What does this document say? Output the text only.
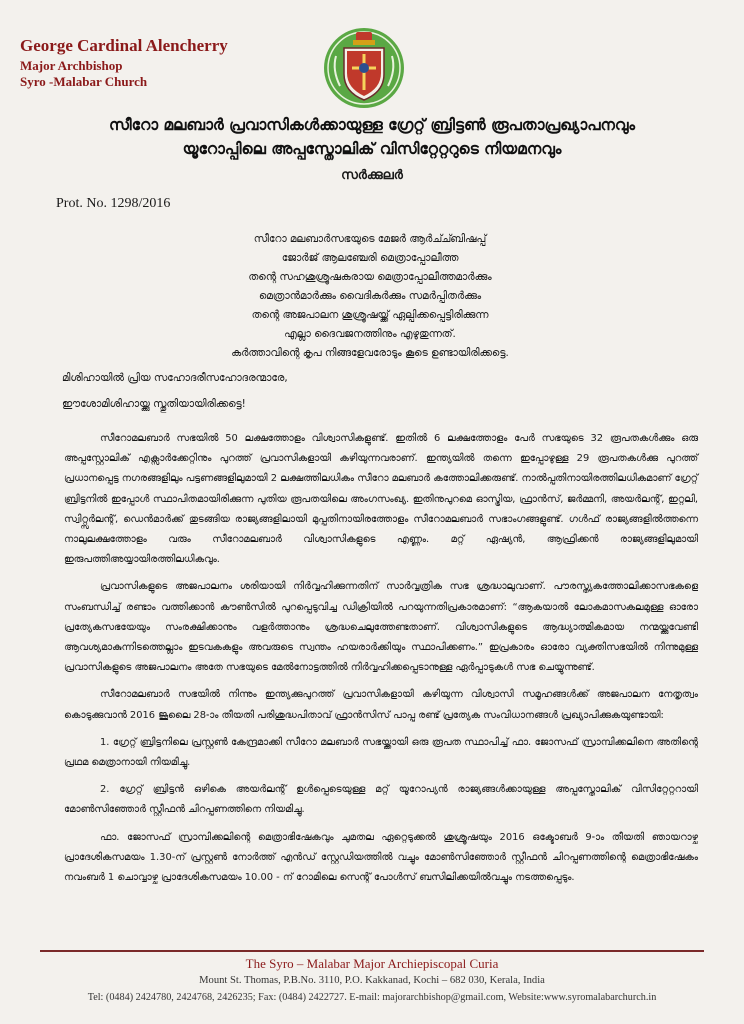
George Cardinal Alencherry
Major Archbishop
Syro -Malabar Church
സീറോ മലബാർ പ്രവാസികൾക്കായുള്ള ഗ്രേറ്റ് ബ്രിട്ടൺ രൂപതാപ്രഖ്യാപനവും
യൂറോപ്പിലെ അപ്പസ്തോലിക് വിസിറ്റേറ്ററുടെ നിയമനവും
സർക്കുലർ
Prot. No. 1298/2016
സീറോ മലബാർസഭയുടെ മേജർ ആർച്ച്ബിഷപ്പ്
ജോർജ് ആലഞ്ചേരി മെത്രാപ്പോലീത്ത
തന്റെ സഹശുശ്രൂഷകരായ മെത്രാപ്പോലീത്തമാർക്കും
മെത്രാൻമാർക്കും വൈദികർക്കും സമർപ്പിതർക്കും
തന്റെ അജപാലന ശുശ്രൂഷയ്ക്ക് ഏല്പിക്കപ്പെട്ടിരിക്കുന്ന
എല്ലാ ദൈവജനത്തിനും എഴുതുന്നത്.
കർത്താവിന്റെ കൃപ നിങ്ങളേവരോടും കൂടെ ഉണ്ടായിരിക്കട്ടെ.
മിശിഹായിൽ പ്രിയ സഹോദരീസഹോദരന്മാരേ,
ഈശോമിശിഹായ്ക്കു സ്തുതിയായിരിക്കട്ടെ!

സീറോമലബാർ സഭയിൽ 50 ലക്ഷത്തോളം വിശ്വാസികളുണ്ട്. ഇതിൽ 6 ലക്ഷത്തോളം പേർ സഭയുടെ 32 രൂപതകൾക്കും ഒരു അപ്പസ്റ്റോലിക് എക്സാർക്കേറ്റിനും പുറത്ത് പ്രവാസികളായി കഴിയുന്നവരാണ്. ഇന്ത്യയിൽ തന്നെ ഇപ്പോഴുള്ള 29 രൂപതകൾക്കു പുറത്ത് പ്രധാനപ്പെട്ട നഗരങ്ങളിലും പട്ടണങ്ങളിലുമായി 2 ലക്ഷത്തിലധികം സീറോ മലബാർ കത്തോലിക്കരുണ്ട്. നാൽപ്പതിനായിരത്തിലധികമാണ് ഗ്രേറ്റ് ബ്രിട്ടനിൽ ഇപ്പോൾ സ്ഥാപിതമായിരിക്കുന്ന പുതിയ രൂപതയിലെ അംഗസംഖ്യ. ഇതിനുപുറമെ ഓസ്ട്രിയ, ഫ്രാൻസ്, ജർമ്മനി, അയർലന്റ്, ഇറ്റലി, സ്വിറ്റ്സർലന്റ്, ഡെൻമാർക്ക് തുടങ്ങിയ രാജ്യങ്ങളിലായി മുപ്പതിനായിരത്തോളം സീറോമലബാർ സഭാംഗങ്ങളുണ്ട്. ഗൾഫ് രാജ്യങ്ങളിൽത്തന്നെ നാലുലക്ഷത്തോളം വരും സീറോമലബാർ വിശ്വാസികളുടെ എണ്ണം. മറ്റ് ഏഷ്യൻ, ആഫ്രിക്കൻ രാജ്യങ്ങളിലുമായി ഇരുപത്തിഅയ്യായിരത്തിലധികവും.

പ്രവാസികളുടെ അജപാലനം ശരിയായി നിർവ്വഹിക്കുന്നതിന് സാർവ്വത്രിക സഭ ശ്രദ്ധാലുവാണ്. പൗരസ്ത്യകത്തോലിക്കാസഭകളെ സംബന്ധിച്ച് രണ്ടാം വത്തിക്കാൻ കൗൺസിൽ പുറപ്പെടുവിച്ച ഡിക്രിയിൽ പറയുന്നതിപ്രകാരമാണ്: “ആകയാൽ ലോകമാസകലമുള്ള ഓരോ പ്രത്യേകസഭയേയും സംരക്ഷിക്കാനും വളർത്താനും ശ്രദ്ധചെലുത്തേണ്ടതാണ്. വിശ്വാസികളുടെ ആദ്ധ്യാത്മികമായ നന്മയ്ക്കുവേണ്ടി ആവശ്യമാകുന്നിടത്തെല്ലാം ഇടവകകളും അവരുടെ സ്വന്തം ഹയരാർക്കിയും സ്ഥാപിക്കണം.” ഇപ്രകാരം ഓരോ വ്യക്തിസഭയിൽ നിന്നുമുള്ള പ്രവാസികളുടെ അജപാലനം അതേ സഭയുടെ മേൽനോട്ടത്തിൽ നിർവ്വഹിക്കപ്പെടാനുള്ള ഏർപ്പാടുകൾ സഭ ചെയ്യുന്നുണ്ട്.

സീറോമലബാർ സഭയിൽ നിന്നും ഇന്ത്യക്കുപുറത്ത് പ്രവാസികളായി കഴിയുന്ന വിശ്വാസി സമൂഹങ്ങൾക്ക് അജപാലന നേതൃത്വം കൊടുക്കുവാൻ 2016 ജൂലൈ 28-ാം തീയതി പരിശുദ്ധപിതാവ് ഫ്രാൻസിസ് പാപ്പ രണ്ട് പ്രത്യേക സംവിധാനങ്ങൾ പ്രഖ്യാപിക്കുകയുണ്ടായി:

1. ഗ്രേറ്റ് ബ്രിട്ടനിലെ പ്രസ്റ്റൺ കേന്ദ്രമാക്കി സീറോ മലബാർ സഭയ്ക്കായി ഒരു രൂപത സ്ഥാപിച്ച് ഫാ. ജോസഫ് സ്രാമ്പിക്കലിനെ അതിന്റെ പ്രഥമ മെത്രാനായി നിയമിച്ചു.

2. ഗ്രേറ്റ് ബ്രിട്ടൻ ഒഴികെ അയർലന്റ് ഉൾപ്പെടെയുള്ള മറ്റ് യൂറോപ്യൻ രാജ്യങ്ങൾക്കായുള്ള അപ്പസ്തോലിക് വിസിറ്റേറ്ററായി മോൺസിഞ്ഞോർ സ്റ്റീഫൻ ചിറപ്പണത്തിനെ നിയമിച്ചു.

ഫാ. ജോസഫ് സ്രാമ്പിക്കലിന്റെ മെത്രാഭിഷേകവും ചുമതല ഏറ്റെടുക്കൽ ശുശ്രൂഷയും 2016 ഒക്ടോബർ 9-ാം തീയതി ഞായറാഴ്ച പ്രാദേശികസമയം 1.30-ന് പ്രസ്റ്റൺ നോർത്ത് എൻഡ് സ്റ്റേഡിയത്തിൽ വച്ചും മോൺസിഞ്ഞോർ സ്റ്റീഫൻ ചിറപ്പണത്തിന്റെ മെത്രാഭിഷേകം നവംബർ 1 ചൊവ്വാഴ്ച പ്രാദേശികസമയം 10.00 - ന് റോമിലെ സെന്റ് പോൾസ് ബസിലിക്കയിൽവച്ചും നടത്തപ്പെടും.

The Syro – Malabar Major Archiepiscopal Curia
Mount St. Thomas, P.B.No. 3110, P.O. Kakkanad, Kochi – 682 030, Kerala, India
Tel: (0484) 2424780, 2424768, 2426235; Fax: (0484) 2422727. E-mail: majorarchbishop@gmail.com, Website:www.syromalabarchurch.in
